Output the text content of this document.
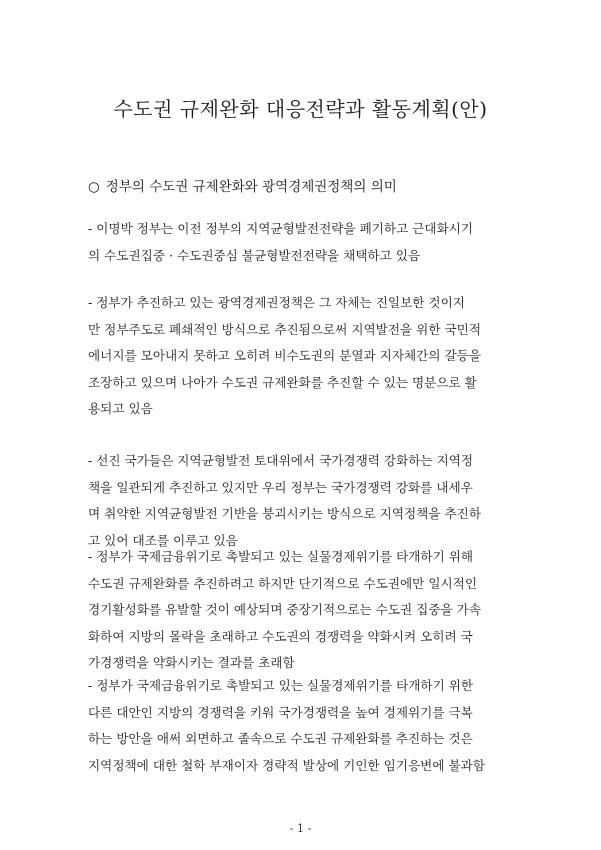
수도권 규제완화 대응전략과 활동계획(안)
○ 정부의 수도권 규제완화와 광역경제권정책의 의미
- 이명박 정부는 이전 정부의 지역균형발전전략을 폐기하고 근대화시기
의 수도권집중 · 수도권중심 불균형발전전략을 채택하고 있음
- 정부가 추진하고 있는 광역경제권정책은 그 자체는 진일보한 것이지
만 정부주도로 폐쇄적인 방식으로 추진됨으로써 지역발전을 위한 국민적
에너지를 모아내지 못하고 오히려 비수도권의 분열과 지자체간의 갈등을
조장하고 있으며 나아가 수도권 규제완화를 추진할 수 있는 명분으로 활
용되고 있음
- 선진 국가들은 지역균형발전 토대위에서 국가경쟁력 강화하는 지역정
책을 일관되게 추진하고 있지만 우리 정부는 국가경쟁력 강화를 내세우
며 취약한 지역균형발전 기반을 붕괴시키는 방식으로 지역정책을 추진하
고 있어 대조를 이루고 있음
- 정부가 국제금융위기로 촉발되고 있는 실물경제위기를 타개하기 위해
수도권 규제완화를 추진하려고 하지만 단기적으로 수도권에만 일시적인
경기활성화를 유발할 것이 예상되며 중장기적으로는 수도권 집중을 가속
화하여 지방의 몰락을 초래하고 수도권의 경쟁력을 약화시켜 오히려 국
가경쟁력을 약화시키는 결과를 초래함
- 정부가 국제금융위기로 촉발되고 있는 실물경제위기를 타개하기 위한
다른 대안인 지방의 경쟁력을 키워 국가경쟁력을 높여 경제위기를 극복
하는 방안을 애써 외면하고 졸속으로 수도권 규제완화를 추진하는 것은
지역정책에 대한 철학 부재이자 경략적 발상에 기인한 임기응변에 불과함
- 1 -
